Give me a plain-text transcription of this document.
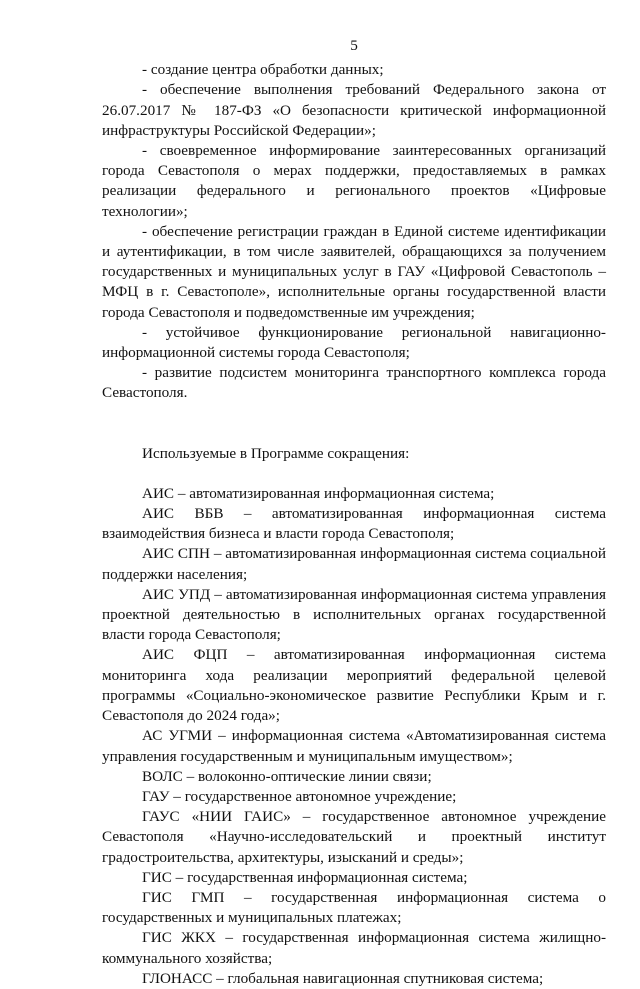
5

- создание центра обработки данных;

- обеспечение выполнения требований Федерального закона от 26.07.2017 № 187-ФЗ «О безопасности критической информационной инфраструктуры Российской Федерации»;

- своевременное информирование заинтересованных организаций города Севастополя о мерах поддержки, предоставляемых в рамках реализации федерального и регионального проектов «Цифровые технологии»;

- обеспечение регистрации граждан в Единой системе идентификации и аутентификации, в том числе заявителей, обращающихся за получением государственных и муниципальных услуг в ГАУ «Цифровой Севастополь – МФЦ в г. Севастополе», исполнительные органы государственной власти города Севастополя и подведомственные им учреждения;

- устойчивое функционирование региональной навигационно-информационной системы города Севастополя;

- развитие подсистем мониторинга транспортного комплекса города Севастополя.

Используемые в Программе сокращения:

АИС – автоматизированная информационная система;

АИС ВБВ – автоматизированная информационная система взаимодействия бизнеса и власти города Севастополя;

АИС СПН – автоматизированная информационная система социальной поддержки населения;

АИС УПД – автоматизированная информационная система управления проектной деятельностью в исполнительных органах государственной власти города Севастополя;

АИС ФЦП – автоматизированная информационная система мониторинга хода реализации мероприятий федеральной целевой программы «Социально-экономическое развитие Республики Крым и г. Севастополя до 2024 года»;

АС УГМИ – информационная система «Автоматизированная система управления государственным и муниципальным имуществом»;

ВОЛС – волоконно-оптические линии связи;

ГАУ – государственное автономное учреждение;

ГАУС «НИИ ГАИС» – государственное автономное учреждение Севастополя «Научно-исследовательский и проектный институт градостроительства, архитектуры, изысканий и среды»;

ГИС – государственная информационная система;

ГИС ГМП – государственная информационная система о государственных и муниципальных платежах;

ГИС ЖКХ – государственная информационная система жилищно-коммунального хозяйства;

ГЛОНАСС – глобальная навигационная спутниковая система;
